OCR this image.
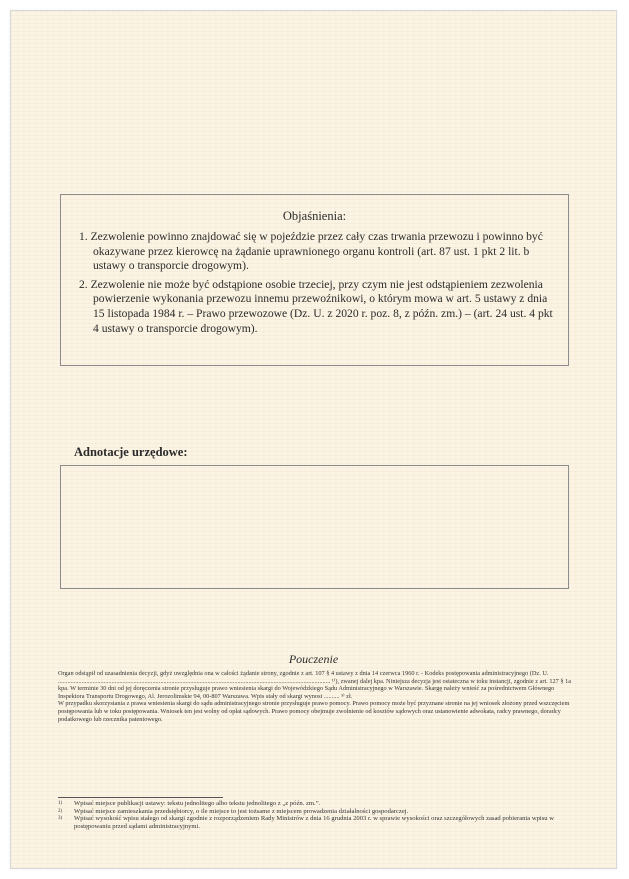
Objaśnienia:
1. Zezwolenie powinno znajdować się w pojeździe przez cały czas trwania przewozu i powinno być okazywane przez kierowcę na żądanie uprawnionego organu kontroli (art. 87 ust. 1 pkt 2 lit. b ustawy o transporcie drogowym).
2. Zezwolenie nie może być odstąpione osobie trzeciej, przy czym nie jest odstąpieniem zezwolenia powierzenie wykonania przewozu innemu przewoźnikowi, o którym mowa w art. 5 ustawy z dnia 15 listopada 1984 r. – Prawo przewozowe (Dz. U. z 2020 r. poz. 8, z późn. zm.) – (art. 24 ust. 4 pkt 4 ustawy o transporcie drogowym).
Adnotacje urzędowe:
Pouczenie

Organ odstąpił od uzasadnienia decyzji, gdyż uwzględnia ona w całości żądanie strony, zgodnie z art. 107 § 4 ustawy z dnia 14 czerwca 1960 r. - Kodeks postępowania administracyjnego (Dz. U. ............................................................................................................................................................................. ¹⁾), zwanej dalej kpa. Niniejsza decyzja jest ostateczna w toku instancji, zgodnie z art. 127 § 1a kpa. W terminie 30 dni od jej doręczenia stronie przysługuje prawo wniesienia skargi do Wojewódzkiego Sądu Administracyjnego w Warszawie. Skargę należy wnieść za pośrednictwem Głównego Inspektora Transportu Drogowego, Al. Jerozolimskie 94, 00-807 Warszawa. Wpis stały od skargi wynosi .......... ³⁾ zł.

W przypadku skorzystania z prawa wniesienia skargi do sądu administracyjnego stronie przysługuje prawo pomocy. Prawo pomocy może być przyznane stronie na jej wniosek złożony przed wszczęciem postępowania lub w toku postępowania. Wniosek ten jest wolny od opłat sądowych. Prawo pomocy obejmuje zwolnienie od kosztów sądowych oraz ustanowienie adwokata, radcy prawnego, doradcy podatkowego lub rzecznika patentowego.

1)	Wpisać miejsce publikacji ustawy: tekstu jednolitego albo tekstu jednolitego z „z późn. zm.”.
2)	Wpisać miejsce zamieszkania przedsiębiorcy, o ile miejsce to jest tożsame z miejscem prowadzenia działalności gospodarczej.
3)	Wpisać wysokość wpisu stałego od skargi zgodnie z rozporządzeniem Rady Ministrów z dnia 16 grudnia 2003 r. w sprawie wysokości oraz szczegółowych zasad pobierania wpisu w postępowaniu przed sądami administracyjnymi.
